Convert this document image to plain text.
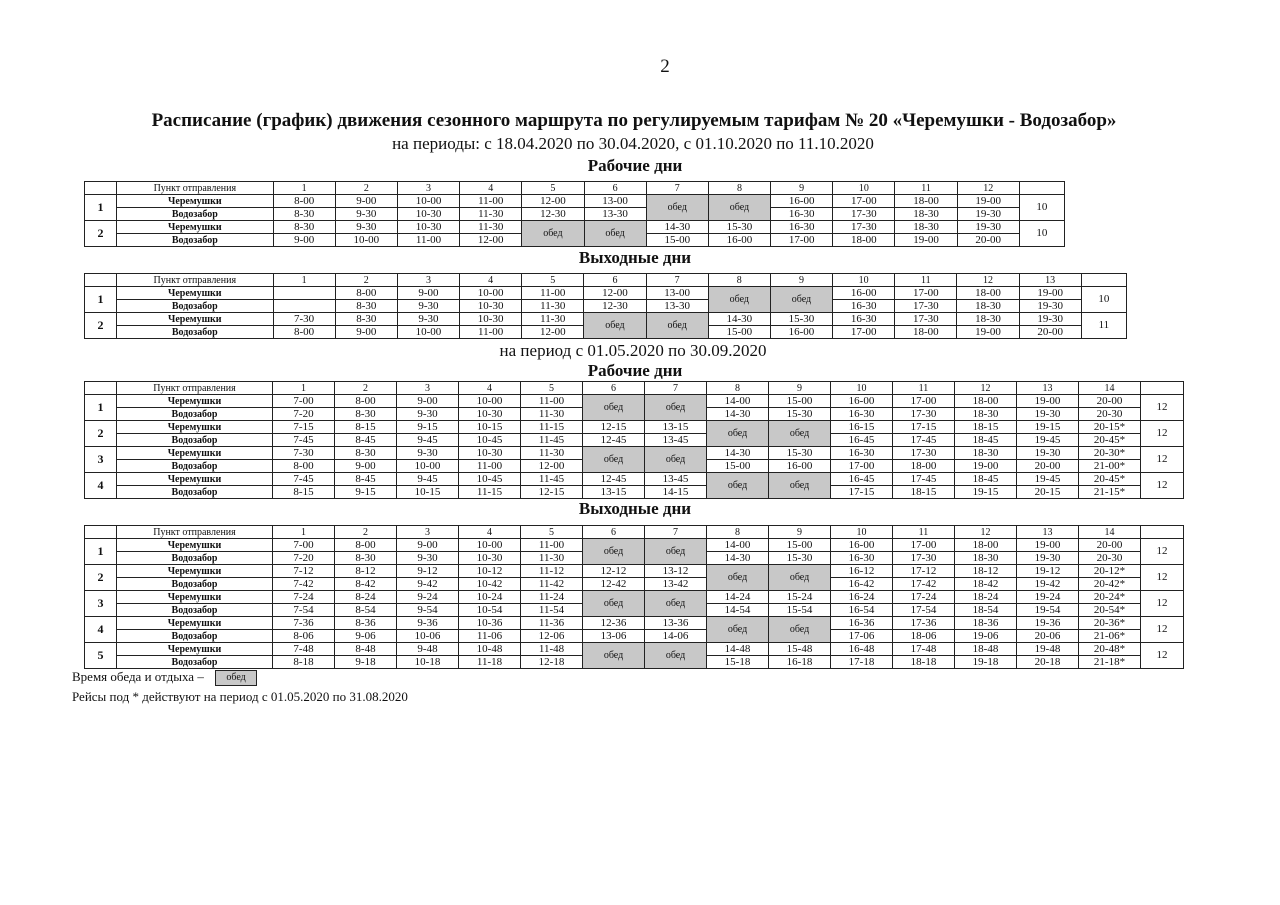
2
Расписание (график) движения сезонного маршрута по регулируемым тарифам № 20 «Черемушки - Водозабор»
на периоды: с 18.04.2020 по 30.04.2020, с 01.10.2020 по 11.10.2020
Рабочие дни
	Пункт отправления	1	2	3	4	5	6	7	8	9	10	11	12	
1	Черемушки	8-00	9-00	10-00	11-00	12-00	13-00	обед	обед	16-00	17-00	18-00	19-00	10
	Водозабор	8-30	9-30	10-30	11-30	12-30	13-30			16-30	17-30	18-30	19-30	
2	Черемушки	8-30	9-30	10-30	11-30	обед	обед	14-30	15-30	16-30	17-30	18-30	19-30	10
	Водозабор	9-00	10-00	11-00	12-00			15-00	16-00	17-00	18-00	19-00	20-00	
Выходные дни
	Пункт отправления	1	2	3	4	5	6	7	8	9	10	11	12	13	
1	Черемушки		8-00	9-00	10-00	11-00	12-00	13-00	обед	обед	16-00	17-00	18-00	19-00	10
	Водозабор		8-30	9-30	10-30	11-30	12-30	13-30			16-30	17-30	18-30	19-30	
2	Черемушки	7-30	8-30	9-30	10-30	11-30	обед	обед	14-30	15-30	16-30	17-30	18-30	19-30	11
	Водозабор	8-00	9-00	10-00	11-00	12-00			15-00	16-00	17-00	18-00	19-00	20-00	
на период с 01.05.2020 по 30.09.2020
Рабочие дни
	Пункт отправления	1	2	3	4	5	6	7	8	9	10	11	12	13	14	
1	Черемушки	7-00	8-00	9-00	10-00	11-00	обед	обед	14-00	15-00	16-00	17-00	18-00	19-00	20-00	12
	Водозабор	7-20	8-30	9-30	10-30	11-30			14-30	15-30	16-30	17-30	18-30	19-30	20-30	
2	Черемушки	7-15	8-15	9-15	10-15	11-15	12-15	13-15	обед	обед	16-15	17-15	18-15	19-15	20-15*	12
	Водозабор	7-45	8-45	9-45	10-45	11-45	12-45	13-45			16-45	17-45	18-45	19-45	20-45*	
3	Черемушки	7-30	8-30	9-30	10-30	11-30	обед	обед	14-30	15-30	16-30	17-30	18-30	19-30	20-30*	12
	Водозабор	8-00	9-00	10-00	11-00	12-00			15-00	16-00	17-00	18-00	19-00	20-00	21-00*	
4	Черемушки	7-45	8-45	9-45	10-45	11-45	12-45	13-45	обед	обед	16-45	17-45	18-45	19-45	20-45*	12
	Водозабор	8-15	9-15	10-15	11-15	12-15	13-15	14-15			17-15	18-15	19-15	20-15	21-15*	
Выходные дни
	Пункт отправления	1	2	3	4	5	6	7	8	9	10	11	12	13	14	
1	Черемушки	7-00	8-00	9-00	10-00	11-00	обед	обед	14-00	15-00	16-00	17-00	18-00	19-00	20-00	12
	Водозабор	7-20	8-30	9-30	10-30	11-30			14-30	15-30	16-30	17-30	18-30	19-30	20-30	
2	Черемушки	7-12	8-12	9-12	10-12	11-12	12-12	13-12	обед	обед	16-12	17-12	18-12	19-12	20-12*	12
	Водозабор	7-42	8-42	9-42	10-42	11-42	12-42	13-42			16-42	17-42	18-42	19-42	20-42*	
3	Черемушки	7-24	8-24	9-24	10-24	11-24	обед	обед	14-24	15-24	16-24	17-24	18-24	19-24	20-24*	12
	Водозабор	7-54	8-54	9-54	10-54	11-54			14-54	15-54	16-54	17-54	18-54	19-54	20-54*	
4	Черемушки	7-36	8-36	9-36	10-36	11-36	12-36	13-36	обед	обед	16-36	17-36	18-36	19-36	20-36*	12
	Водозабор	8-06	9-06	10-06	11-06	12-06	13-06	14-06			17-06	18-06	19-06	20-06	21-06*	
5	Черемушки	7-48	8-48	9-48	10-48	11-48	обед	обед	14-48	15-48	16-48	17-48	18-48	19-48	20-48*	12
	Водозабор	8-18	9-18	10-18	11-18	12-18			15-18	16-18	17-18	18-18	19-18	20-18	21-18*	
Время обеда и отдыха – обед
Рейсы под * действуют на период с 01.05.2020 по 31.08.2020
